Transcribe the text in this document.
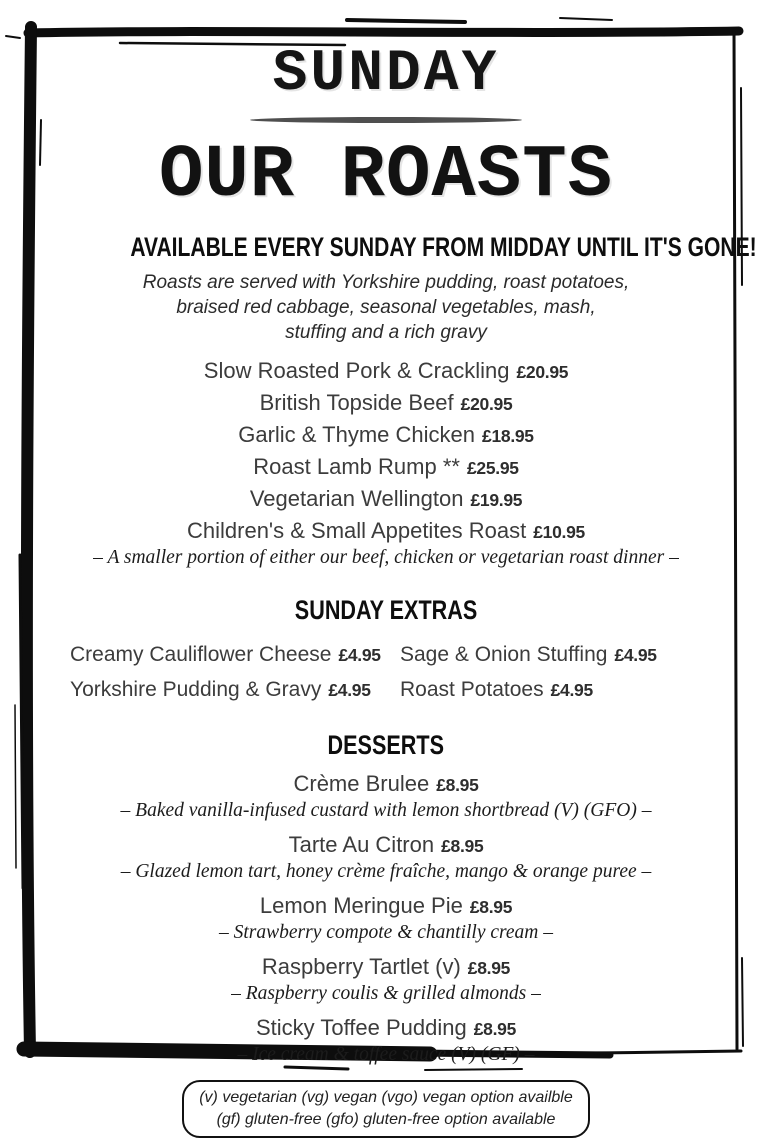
SUNDAY
OUR ROASTS
AVAILABLE EVERY SUNDAY FROM MIDDAY UNTIL IT'S GONE!
Roasts are served with Yorkshire pudding, roast potatoes,
braised red cabbage, seasonal vegetables, mash,
stuffing and a rich gravy
Slow Roasted Pork & Crackling £20.95
British Topside Beef £20.95
Garlic & Thyme Chicken £18.95
Roast Lamb Rump ** £25.95
Vegetarian Wellington £19.95
Children's & Small Appetites Roast £10.95
– A smaller portion of either our beef, chicken or vegetarian roast dinner –
SUNDAY EXTRAS
Creamy Cauliflower Cheese £4.95
Yorkshire Pudding & Gravy £4.95
Sage & Onion Stuffing £4.95
Roast Potatoes £4.95
DESSERTS
Crème Brulee £8.95
– Baked vanilla-infused custard with lemon shortbread (V) (GFO) –
Tarte Au Citron £8.95
– Glazed lemon tart, honey crème fraîche, mango & orange puree –
Lemon Meringue Pie £8.95
– Strawberry compote & chantilly cream –
Raspberry Tartlet (v) £8.95
– Raspberry coulis & grilled almonds –
Sticky Toffee Pudding £8.95
– Ice cream & toffee sauce (V) (GF) –
(v) vegetarian (vg) vegan (vgo) vegan option availble
(gf) gluten-free (gfo) gluten-free option available
